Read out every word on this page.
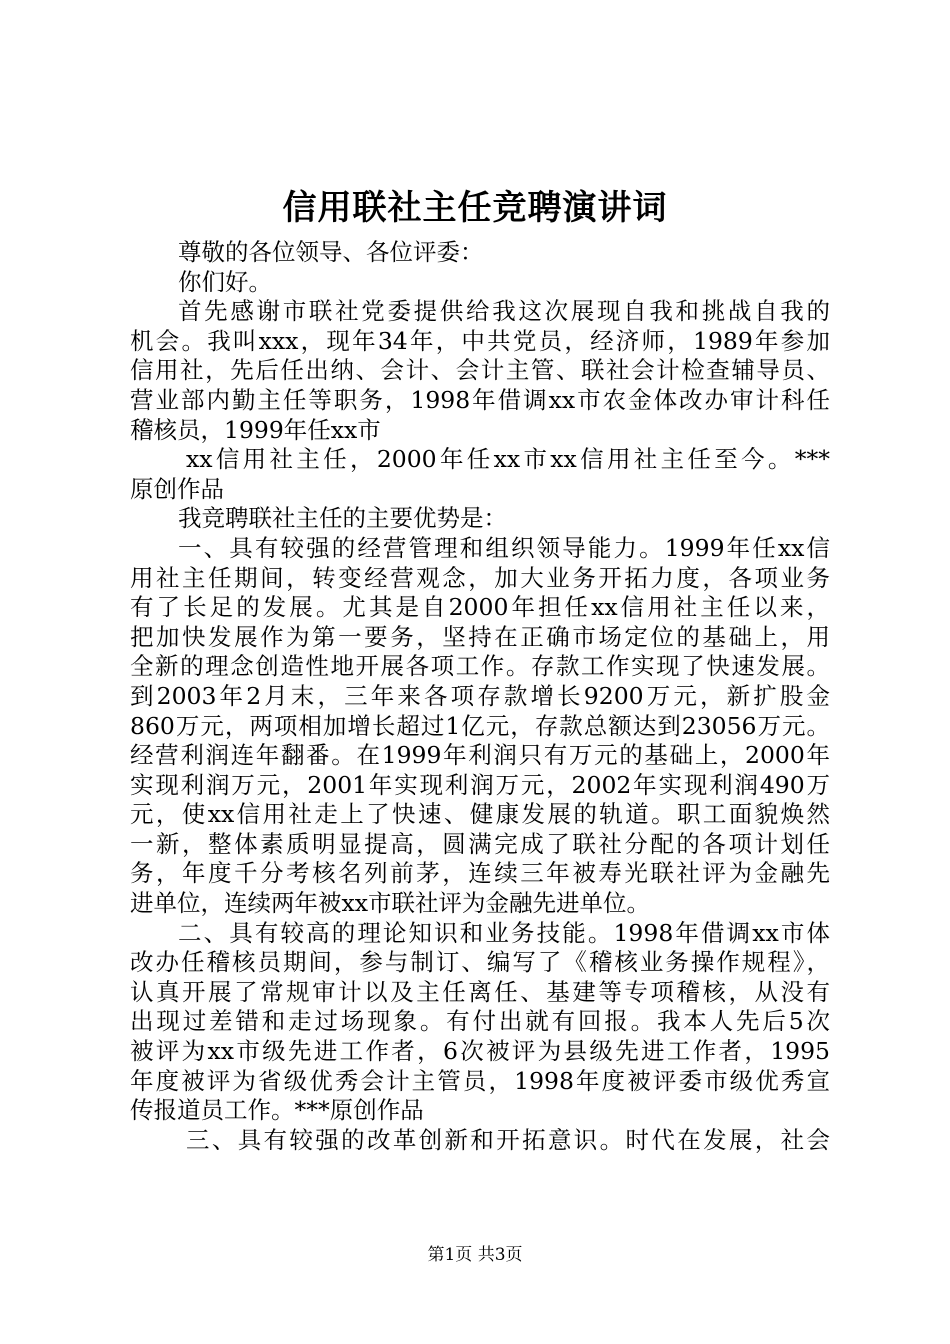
信用联社主任竞聘演讲词
尊敬的各位领导、各位评委：
你们好。
首先感谢市联社党委提供给我这次展现自我和挑战自我的
机会。我叫xxx，现年34年，中共党员，经济师，1989年参加
信用社，先后任出纳、会计、会计主管、联社会计检查辅导员、
营业部内勤主任等职务，1998年借调xx市农金体改办审计科任
稽核员，1999年任xx市
xx信用社主任，2000年任xx市xx信用社主任至今。***
原创作品
我竞聘联社主任的主要优势是：
一、具有较强的经营管理和组织领导能力。1999年任xx信
用社主任期间，转变经营观念，加大业务开拓力度，各项业务
有了长足的发展。尤其是自2000年担任xx信用社主任以来，
把加快发展作为第一要务，坚持在正确市场定位的基础上，用
全新的理念创造性地开展各项工作。存款工作实现了快速发展。
到2003年2月末，三年来各项存款增长9200万元，新扩股金
860万元，两项相加增长超过1亿元，存款总额达到23056万元。
经营利润连年翻番。在1999年利润只有万元的基础上，2000年
实现利润万元，2001年实现利润万元，2002年实现利润490万
元，使xx信用社走上了快速、健康发展的轨道。职工面貌焕然
一新，整体素质明显提高，圆满完成了联社分配的各项计划任
务，年度千分考核名列前茅，连续三年被寿光联社评为金融先
进单位，连续两年被xx市联社评为金融先进单位。
二、具有较高的理论知识和业务技能。1998年借调xx市体
改办任稽核员期间，参与制订、编写了《稽核业务操作规程》，
认真开展了常规审计以及主任离任、基建等专项稽核，从没有
出现过差错和走过场现象。有付出就有回报。我本人先后5次
被评为xx市级先进工作者，6次被评为县级先进工作者，1995
年度被评为省级优秀会计主管员，1998年度被评委市级优秀宣
传报道员工作。***原创作品
三、具有较强的改革创新和开拓意识。时代在发展，社会
第1页 共3页
